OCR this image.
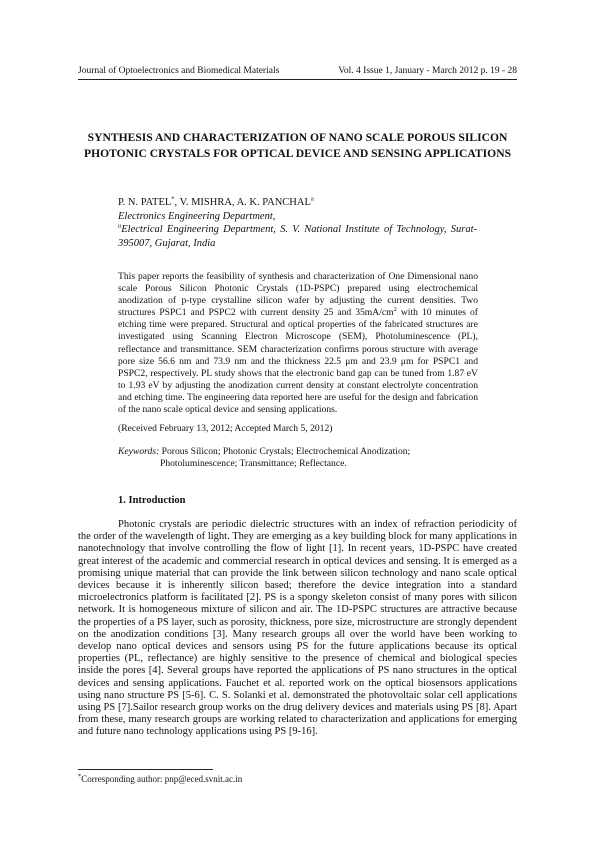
Journal of Optoelectronics and Biomedical Materials	Vol. 4 Issue 1, January - March 2012 p. 19 - 28
SYNTHESIS AND CHARACTERIZATION OF NANO SCALE POROUS SILICON PHOTONIC CRYSTALS FOR OPTICAL DEVICE AND SENSING APPLICATIONS
P. N. PATEL*, V. MISHRA, A. K. PANCHAL$^a$
Electronics Engineering Department,
$^a$Electrical Engineering Department, S. V. National Institute of Technology, Surat-395007, Gujarat, India
This paper reports the feasibility of synthesis and characterization of One Dimensional nano scale Porous Silicon Photonic Crystals (1D-PSPC) prepared using electrochemical anodization of p-type crystalline silicon wafer by adjusting the current densities. Two structures PSPC1 and PSPC2 with current density 25 and $35mA/cm^2$ with 10 minutes of etching time were prepared. Structural and optical properties of the fabricated structures are investigated using Scanning Electron Microscope (SEM), Photoluminescence (PL), reflectance and transmittance. SEM characterization confirms porous structure with average pore size 56.6 nm and 73.9 nm and the thickness 22.5 μm and 23.9 μm for PSPC1 and PSPC2, respectively. PL study shows that the electronic band gap can be tuned from 1.87 eV to 1.93 eV by adjusting the anodization current density at constant electrolyte concentration and etching time. The engineering data reported here are useful for the design and fabrication of the nano scale optical device and sensing applications.
(Received February 13, 2012; Accepted March 5, 2012)
Keywords: Porous Silicon; Photonic Crystals; Electrochemical Anodization;
Photoluminescence; Transmittance; Reflectance.
1. Introduction

Photonic crystals are periodic dielectric structures with an index of refraction periodicity of the order of the wavelength of light. They are emerging as a key building block for many applications in nanotechnology that involve controlling the flow of light [1]. In recent years, 1D-PSPC have created great interest of the academic and commercial research in optical devices and sensing. It is emerged as a promising unique material that can provide the link between silicon technology and nano scale optical devices because it is inherently silicon based; therefore the device integration into a standard microelectronics platform is facilitated [2]. PS is a spongy skeleton consist of many pores with silicon network. It is homogeneous mixture of silicon and air. The 1D-PSPC structures are attractive because the properties of a PS layer, such as porosity, thickness, pore size, microstructure are strongly dependent on the anodization conditions [3]. Many research groups all over the world have been working to develop nano optical devices and sensors using PS for the future applications because its optical properties (PL, reflectance) are highly sensitive to the presence of chemical and biological species inside the pores [4]. Several groups have reported the applications of PS nano structures in the optical devices and sensing applications. Fauchet et al. reported work on the optical biosensors applications using nano structure PS [5-6]. C. S. Solanki et al. demonstrated the photovoltaic solar cell applications using PS [7].Sailor research group works on the drug delivery devices and materials using PS [8]. Apart from these, many research groups are working related to characterization and applications for emerging and future nano technology applications using PS [9-16].

*Corresponding author: pnp@eced.svnit.ac.in
